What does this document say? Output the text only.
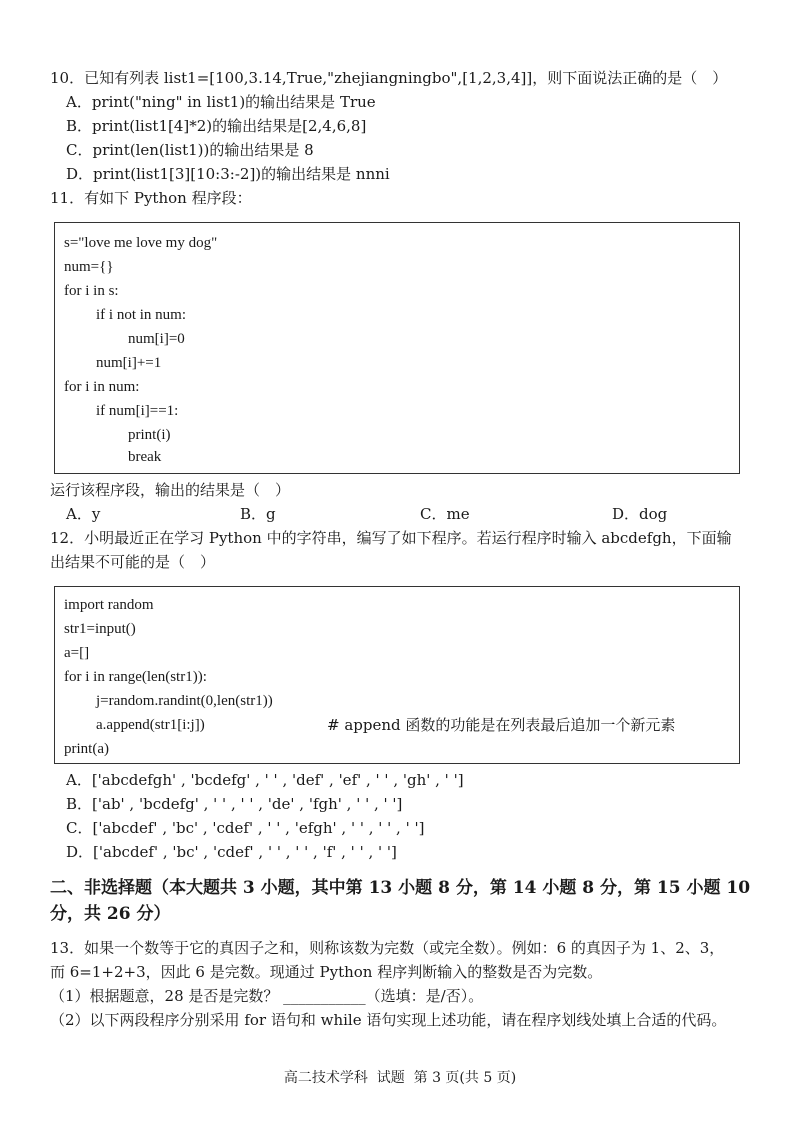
10．已知有列表 list1=[100,3.14,True,"zhejiangningbo",[1,2,3,4]]，则下面说法正确的是（　）
A．print("ning" in list1)的输出结果是 True
B．print(list1[4]*2)的输出结果是[2,4,6,8]
C．print(len(list1))的输出结果是 8
D．print(list1[3][10:3:-2])的输出结果是 nnni
11．有如下 Python 程序段：
s="love me love my dog"
num={}
for i in s:
if i not in num:
num[i]=0
num[i]+=1
for i in num:
if num[i]==1:
print(i)
break
运行该程序段，输出的结果是（　）
A．y	B．g	C．me	D．dog
12．小明最近正在学习 Python 中的字符串，编写了如下程序。若运行程序时输入 abcdefgh，下面输
出结果不可能的是（　）
import random
str1=input()
a=[]
for i in range(len(str1)):
j=random.randint(0,len(str1))
a.append(str1[i:j])	# append 函数的功能是在列表最后追加一个新元素
print(a)
A．['abcdefgh' , 'bcdefg' , ' ' , 'def' , 'ef' , ' ' , 'gh' , ' ']
B．['ab' , 'bcdefg' , ' ' , ' ' , 'de' , 'fgh' , ' ' , ' ']
C．['abcdef' , 'bc' , 'cdef' , ' ' , 'efgh' , ' ' , ' ' , ' ']
D．['abcdef' , 'bc' , 'cdef' , ' ' , ' ' , 'f' , ' ' , ' ']
二、非选择题（本大题共 3 小题，其中第 13 小题 8 分，第 14 小题 8 分，第 15 小题 10
分，共 26 分）
13．如果一个数等于它的真因子之和，则称该数为完数（或完全数）。例如：6 的真因子为 1、2、3，
而 6=1+2+3，因此 6 是完数。现通过 Python 程序判断输入的整数是否为完数。
（1）根据题意，28 是否是完数？ ___________（选填：是/否）。
（2）以下两段程序分别采用 for 语句和 while 语句实现上述功能，请在程序划线处填上合适的代码。
高二技术学科  试题  第 3 页(共 5 页)
